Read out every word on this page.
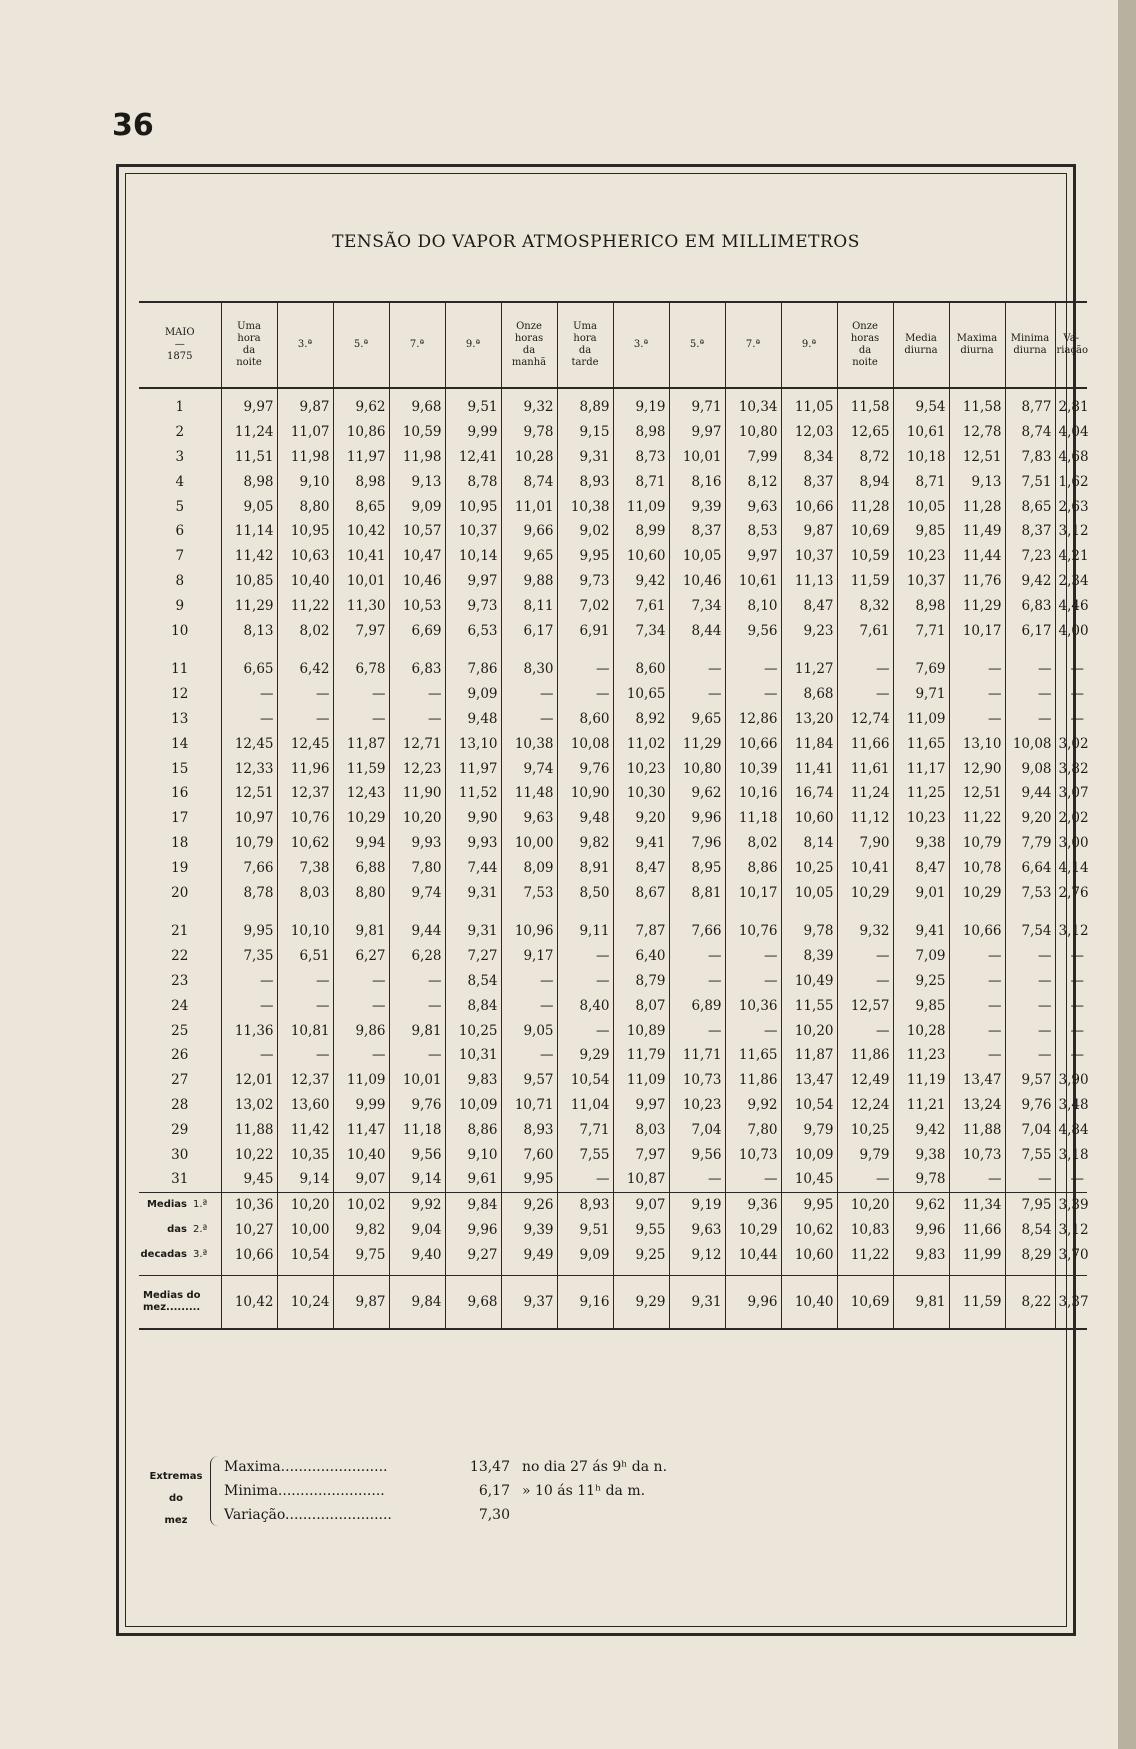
36
TENSÃO DO VAPOR ATMOSPHERICO EM MILLIMETROS
MAIO
—
1875	Uma
hora
da
noite	3.ª	5.ª	7.ª	9.ª	Onze
horas
da
manhã	Uma
hora
da
tarde	3.ª	5.ª	7.ª	9.ª	Onze
horas
da
noite	Media
diurna	Maxima
diurna	Minima
diurna	Va-
riação
1	9,97	9,87	9,62	9,68	9,51	9,32	8,89	9,19	9,71	10,34	11,05	11,58	9,54	11,58	8,77	2,81
2	11,24	11,07	10,86	10,59	9,99	9,78	9,15	8,98	9,97	10,80	12,03	12,65	10,61	12,78	8,74	4,04
3	11,51	11,98	11,97	11,98	12,41	10,28	9,31	8,73	10,01	7,99	8,34	8,72	10,18	12,51	7,83	4,68
4	8,98	9,10	8,98	9,13	8,78	8,74	8,93	8,71	8,16	8,12	8,37	8,94	8,71	9,13	7,51	1,62
5	9,05	8,80	8,65	9,09	10,95	11,01	10,38	11,09	9,39	9,63	10,66	11,28	10,05	11,28	8,65	2,63
6	11,14	10,95	10,42	10,57	10,37	9,66	9,02	8,99	8,37	8,53	9,87	10,69	9,85	11,49	8,37	3,12
7	11,42	10,63	10,41	10,47	10,14	9,65	9,95	10,60	10,05	9,97	10,37	10,59	10,23	11,44	7,23	4,21
8	10,85	10,40	10,01	10,46	9,97	9,88	9,73	9,42	10,46	10,61	11,13	11,59	10,37	11,76	9,42	2,34
9	11,29	11,22	11,30	10,53	9,73	8,11	7,02	7,61	7,34	8,10	8,47	8,32	8,98	11,29	6,83	4,46
10	8,13	8,02	7,97	6,69	6,53	6,17	6,91	7,34	8,44	9,56	9,23	7,61	7,71	10,17	6,17	4,00

11	6,65	6,42	6,78	6,83	7,86	8,30	—	8,60	—	—	11,27	—	7,69	—	—	—
12	—	—	—	—	9,09	—	—	10,65	—	—	8,68	—	9,71	—	—	—
13	—	—	—	—	9,48	—	8,60	8,92	9,65	12,86	13,20	12,74	11,09	—	—	—
14	12,45	12,45	11,87	12,71	13,10	10,38	10,08	11,02	11,29	10,66	11,84	11,66	11,65	13,10	10,08	3,02
15	12,33	11,96	11,59	12,23	11,97	9,74	9,76	10,23	10,80	10,39	11,41	11,61	11,17	12,90	9,08	3,82
16	12,51	12,37	12,43	11,90	11,52	11,48	10,90	10,30	9,62	10,16	16,74	11,24	11,25	12,51	9,44	3,07
17	10,97	10,76	10,29	10,20	9,90	9,63	9,48	9,20	9,96	11,18	10,60	11,12	10,23	11,22	9,20	2,02
18	10,79	10,62	9,94	9,93	9,93	10,00	9,82	9,41	7,96	8,02	8,14	7,90	9,38	10,79	7,79	3,00
19	7,66	7,38	6,88	7,80	7,44	8,09	8,91	8,47	8,95	8,86	10,25	10,41	8,47	10,78	6,64	4,14
20	8,78	8,03	8,80	9,74	9,31	7,53	8,50	8,67	8,81	10,17	10,05	10,29	9,01	10,29	7,53	2,76

21	9,95	10,10	9,81	9,44	9,31	10,96	9,11	7,87	7,66	10,76	9,78	9,32	9,41	10,66	7,54	3,12
22	7,35	6,51	6,27	6,28	7,27	9,17	—	6,40	—	—	8,39	—	7,09	—	—	—
23	—	—	—	—	8,54	—	—	8,79	—	—	10,49	—	9,25	—	—	—
24	—	—	—	—	8,84	—	8,40	8,07	6,89	10,36	11,55	12,57	9,85	—	—	—
25	11,36	10,81	9,86	9,81	10,25	9,05	—	10,89	—	—	10,20	—	10,28	—	—	—
26	—	—	—	—	10,31	—	9,29	11,79	11,71	11,65	11,87	11,86	11,23	—	—	—
27	12,01	12,37	11,09	10,01	9,83	9,57	10,54	11,09	10,73	11,86	13,47	12,49	11,19	13,47	9,57	3,90
28	13,02	13,60	9,99	9,76	10,09	10,71	11,04	9,97	10,23	9,92	10,54	12,24	11,21	13,24	9,76	3,48
29	11,88	11,42	11,47	11,18	8,86	8,93	7,71	8,03	7,04	7,80	9,79	10,25	9,42	11,88	7,04	4,84
30	10,22	10,35	10,40	9,56	9,10	7,60	7,55	7,97	9,56	10,73	10,09	9,79	9,38	10,73	7,55	3,18
31	9,45	9,14	9,07	9,14	9,61	9,95	—	10,87	—	—	10,45	—	9,78	—	—	—
Medias 1.ª	10,36	10,20	10,02	9,92	9,84	9,26	8,93	9,07	9,19	9,36	9,95	10,20	9,62	11,34	7,95	3,39
das 2.ª	10,27	10,00	9,82	9,04	9,96	9,39	9,51	9,55	9,63	10,29	10,62	10,83	9,96	11,66	8,54	3,12
decadas 3.ª	10,66	10,54	9,75	9,40	9,27	9,49	9,09	9,25	9,12	10,44	10,60	11,22	9,83	11,99	8,29	3,70

Medias do
mez.........	10,42	10,24	9,87	9,84	9,68	9,37	9,16	9,29	9,31	9,96	10,40	10,69	9,81	11,59	8,22	3,37
Extremas
do
mez
Maxima........................	13,47 no dia 27 ás 9ʰ da n.
Minima........................	6,17 » 10 ás 11ʰ da m.
Variação........................	7,30
